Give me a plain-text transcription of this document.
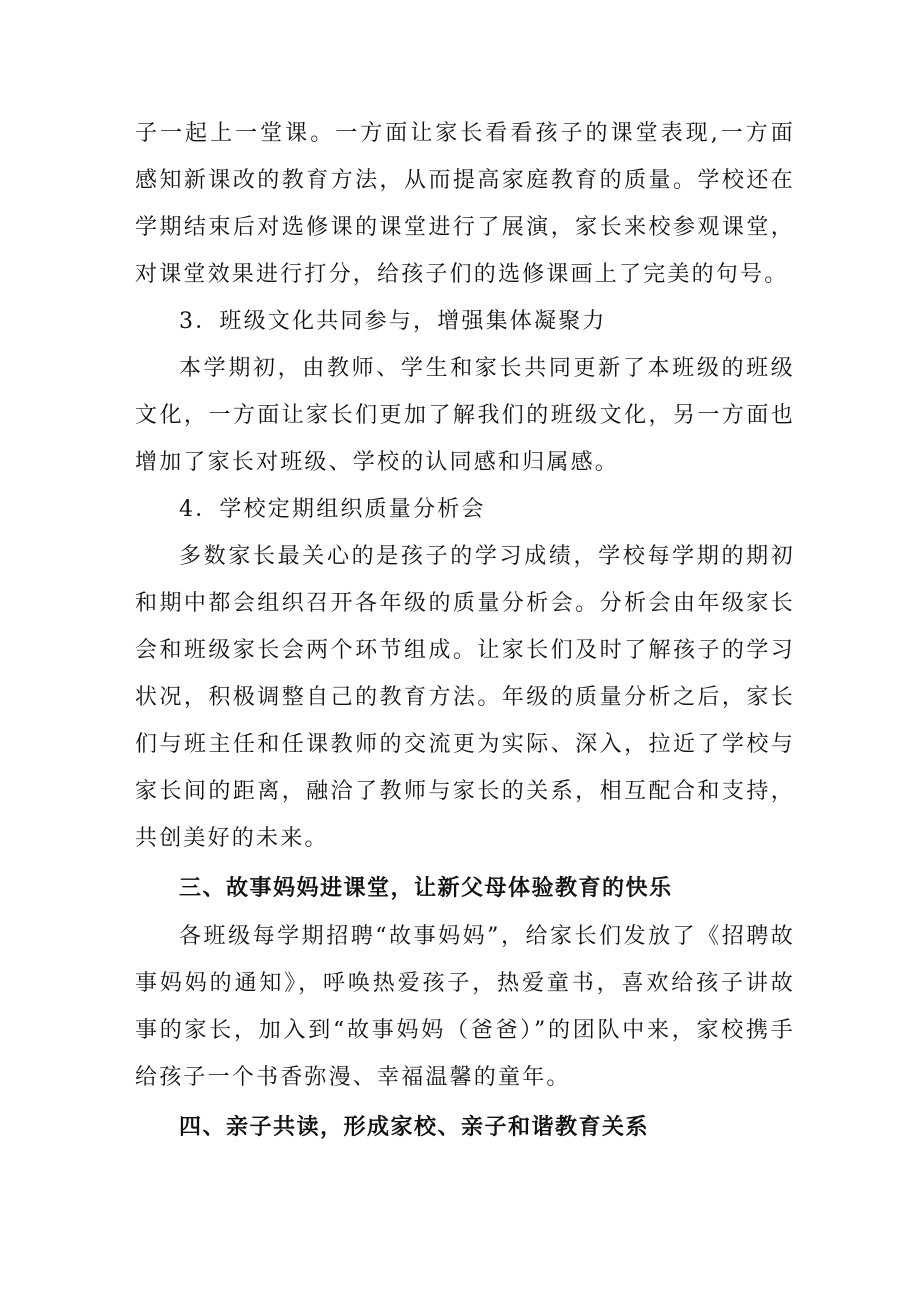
子一起上一堂课。一方面让家长看看孩子的课堂表现,一方面感知新课改的教育方法，从而提高家庭教育的质量。学校还在学期结束后对选修课的课堂进行了展演，家长来校参观课堂，对课堂效果进行打分，给孩子们的选修课画上了完美的句号。

3．班级文化共同参与，增强集体凝聚力

本学期初，由教师、学生和家长共同更新了本班级的班级文化，一方面让家长们更加了解我们的班级文化，另一方面也增加了家长对班级、学校的认同感和归属感。

4．学校定期组织质量分析会

多数家长最关心的是孩子的学习成绩，学校每学期的期初和期中都会组织召开各年级的质量分析会。分析会由年级家长会和班级家长会两个环节组成。让家长们及时了解孩子的学习状况，积极调整自己的教育方法。年级的质量分析之后，家长们与班主任和任课教师的交流更为实际、深入，拉近了学校与家长间的距离，融洽了教师与家长的关系，相互配合和支持，共创美好的未来。

三、故事妈妈进课堂，让新父母体验教育的快乐

各班级每学期招聘“故事妈妈”，给家长们发放了《招聘故事妈妈的通知》，呼唤热爱孩子，热爱童书，喜欢给孩子讲故事的家长，加入到“故事妈妈（爸爸）”的团队中来，家校携手给孩子一个书香弥漫、幸福温馨的童年。

四、亲子共读，形成家校、亲子和谐教育关系
